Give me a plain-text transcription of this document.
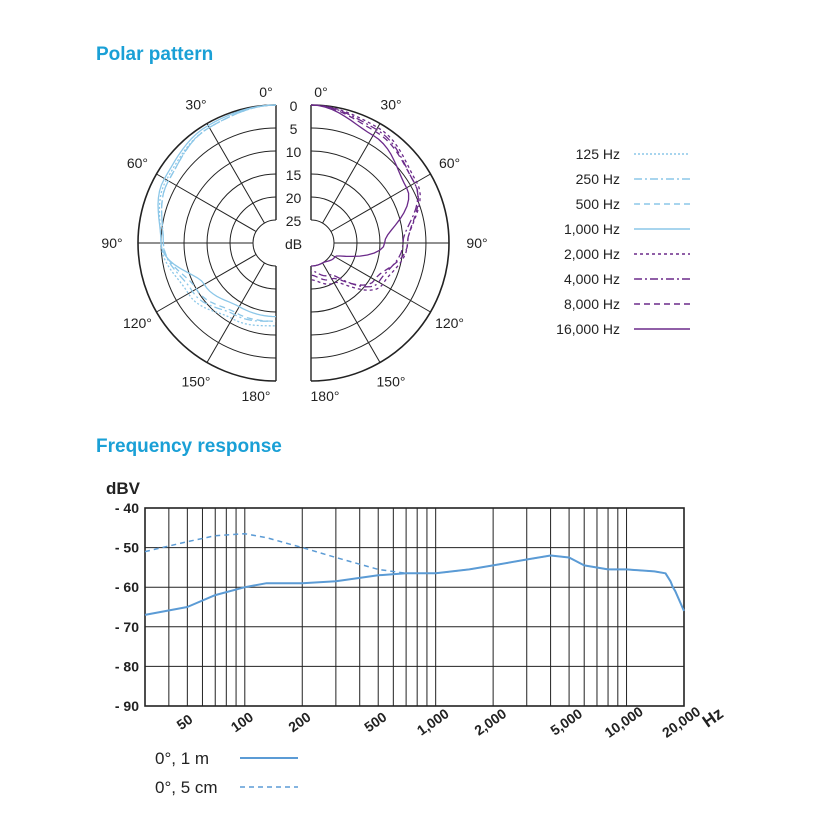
Polar pattern
Frequency response
0°	0°
30°	30°
60°	60°
90°	90°
120°	120°
150°	150°
180°	180°
0
5
10
15
20
25
dB
125 Hz
250 Hz
500 Hz
1,000 Hz
2,000 Hz
4,000 Hz
8,000 Hz
16,000 Hz
- 40
- 50
- 60
- 70
- 80
- 90
dBV
50 100 200	500 1,000 2,000	5,000 10,000 20,000
Hz
0°, 1 m
0°, 5 cm
